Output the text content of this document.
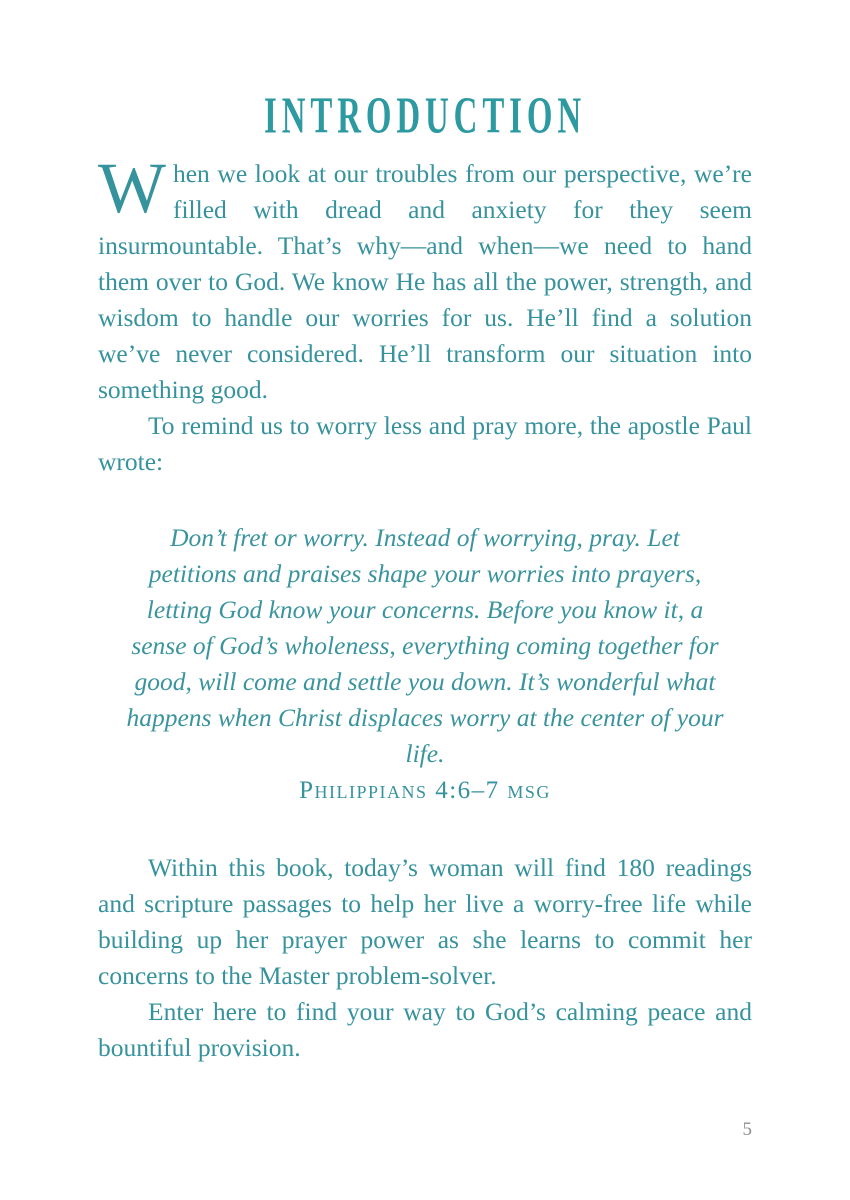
INTRODUCTION

When we look at our troubles from our perspective, we’re filled with dread and anxiety for they seem insurmountable. That’s why—and when—we need to hand them over to God. We know He has all the power, strength, and wisdom to handle our worries for us. He’ll find a solution we’ve never considered. He’ll transform our situation into something good.

To remind us to worry less and pray more, the apostle Paul wrote:

Don’t fret or worry. Instead of worrying, pray. Let petitions and praises shape your worries into prayers, letting God know your concerns. Before you know it, a sense of God’s wholeness, everything coming together for good, will come and settle you down. It’s wonderful what happens when Christ displaces worry at the center of your life.

Philippians 4:6–7 msg

Within this book, today’s woman will find 180 readings and scripture passages to help her live a worry-free life while building up her prayer power as she learns to commit her concerns to the Master problem-solver.

Enter here to find your way to God’s calming peace and bountiful provision.

5
